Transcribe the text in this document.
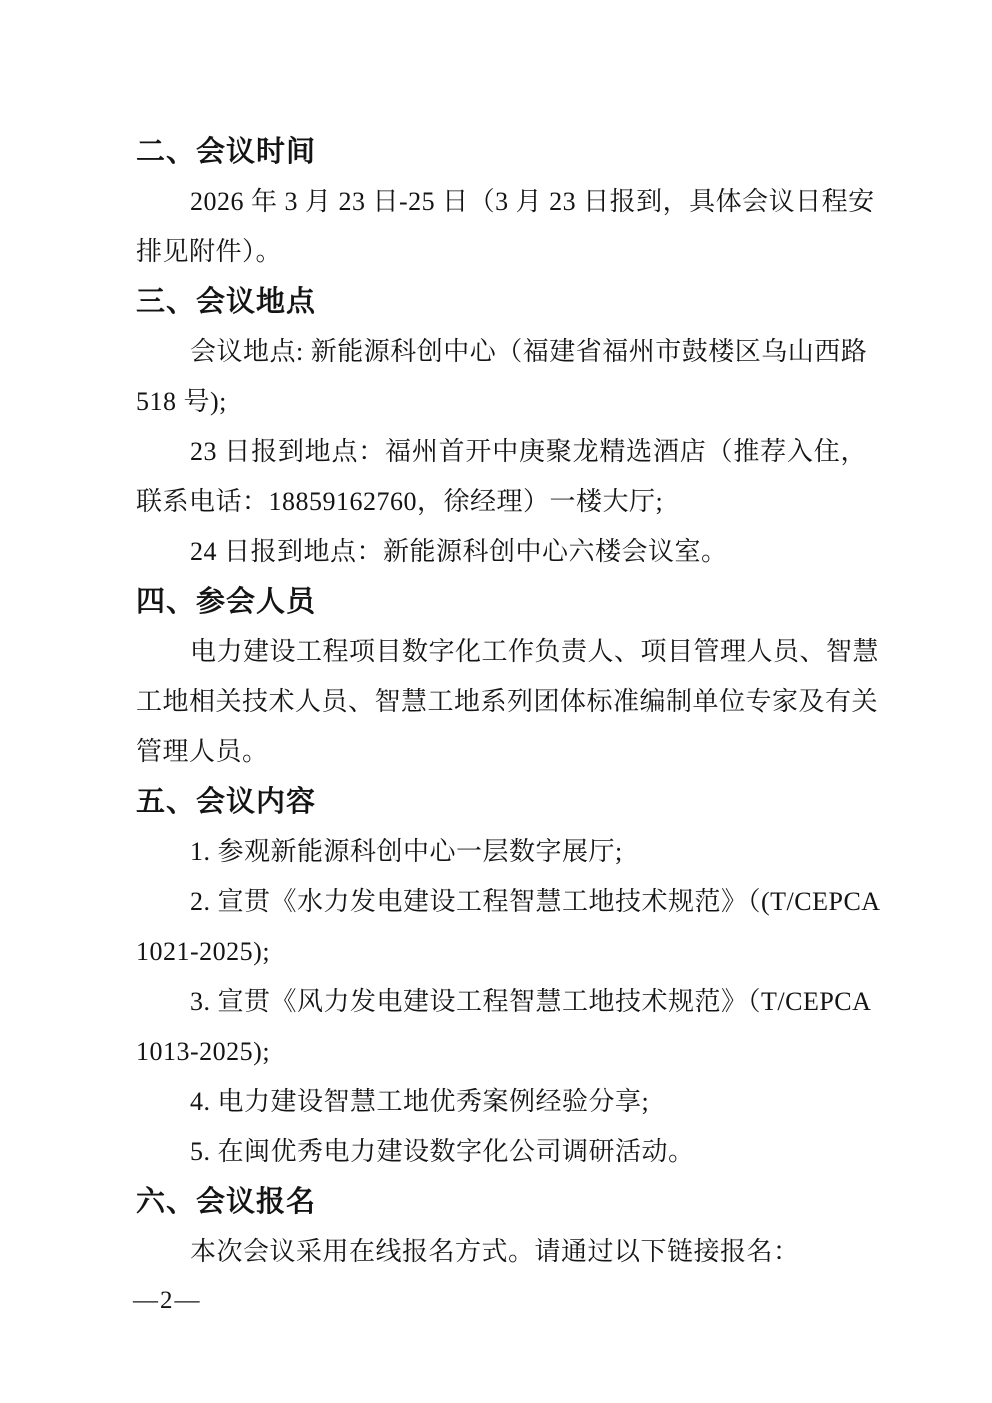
二、会议时间
2026 年 3 月 23 日-25 日（3 月 23 日报到，具体会议日程安
排见附件）。
三、会议地点
会议地点: 新能源科创中心（福建省福州市鼓楼区乌山西路
518 号);
23 日报到地点：福州首开中庚聚龙精选酒店（推荐入住，
联系电话：18859162760，徐经理）一楼大厅;
24 日报到地点：新能源科创中心六楼会议室。
四、参会人员
电力建设工程项目数字化工作负责人、项目管理人员、智慧
工地相关技术人员、智慧工地系列团体标准编制单位专家及有关
管理人员。
五、会议内容
1. 参观新能源科创中心一层数字展厅;
2. 宣贯《水力发电建设工程智慧工地技术规范》（(T/CEPCA
1021-2025);
3. 宣贯《风力发电建设工程智慧工地技术规范》（T/CEPCA
1013-2025);
4. 电力建设智慧工地优秀案例经验分享;
5. 在闽优秀电力建设数字化公司调研活动。
六、会议报名
本次会议采用在线报名方式。请通过以下链接报名：
—2—
